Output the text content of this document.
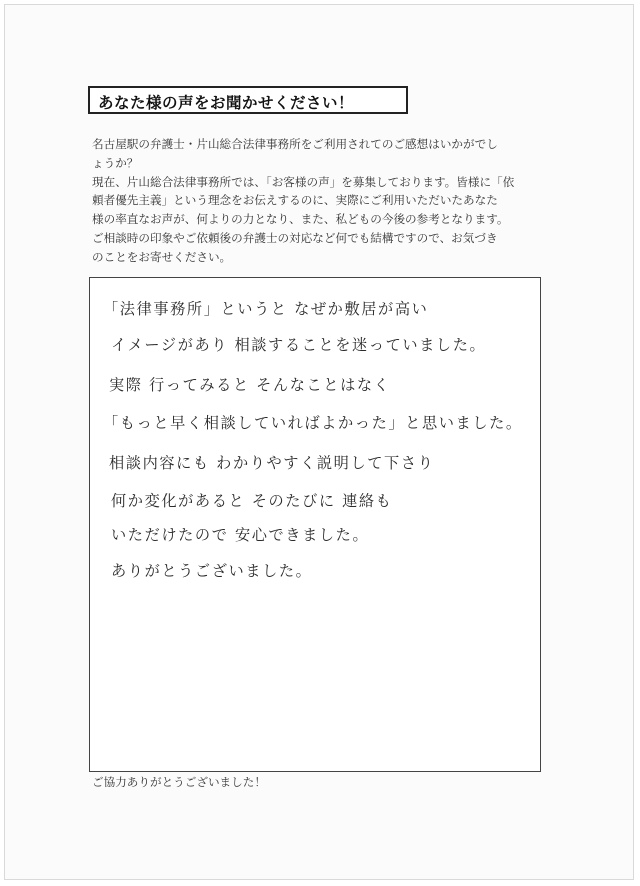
あなた様の声をお聞かせください！
名古屋駅の弁護士・片山総合法律事務所をご利用されてのご感想はいかがでし
ょうか？
現在、片山総合法律事務所では、「お客様の声」を募集しております。皆様に「依
頼者優先主義」という理念をお伝えするのに、実際にご利用いただいたあなた
様の率直なお声が、何よりの力となり、また、私どもの今後の参考となります。
ご相談時の印象やご依頼後の弁護士の対応など何でも結構ですので、お気づき
のことをお寄せください。
「法律事務所」というと なぜか敷居が高い
イメージがあり 相談することを迷っていました。
実際 行ってみると そんなことはなく
「もっと早く相談していればよかった」と思いました。
相談内容にも わかりやすく説明して下さり
何か変化があると そのたびに 連絡も
いただけたので 安心できました。
ありがとうございました。
ご協力ありがとうございました！
